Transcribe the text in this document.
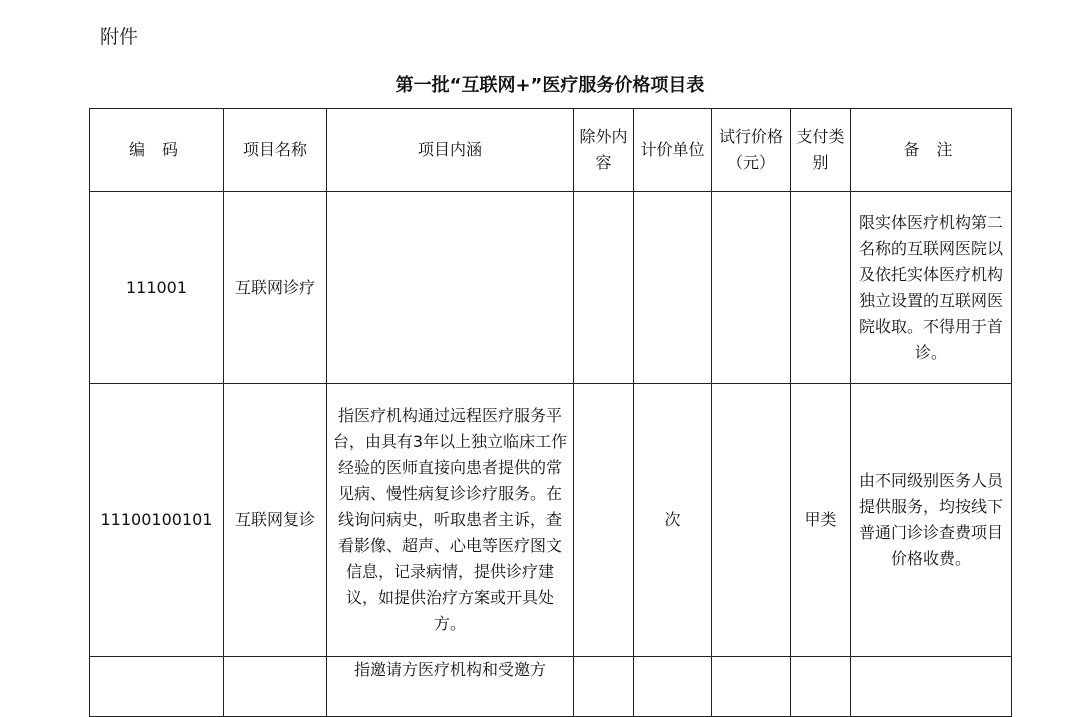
附件
第一批“互联网+”医疗服务价格项目表
编 码	项目名称	项目内涵	除外内容	计价单位	试行价格（元）	支付类别	备 注
111001	互联网诊疗						限实体医疗机构第二名称的互联网医院以及依托实体医疗机构独立设置的互联网医院收取。不得用于首诊。
11100100101	互联网复诊	指医疗机构通过远程医疗服务平台，由具有3年以上独立临床工作经验的医师直接向患者提供的常见病、慢性病复诊诊疗服务。在线询问病史，听取患者主诉，查看影像、超声、心电等医疗图文信息，记录病情，提供诊疗建议，如提供治疗方案或开具处方。		次		甲类	由不同级别医务人员提供服务，均按线下普通门诊诊查费项目价格收费。
		指邀请方医疗机构和受邀方					
